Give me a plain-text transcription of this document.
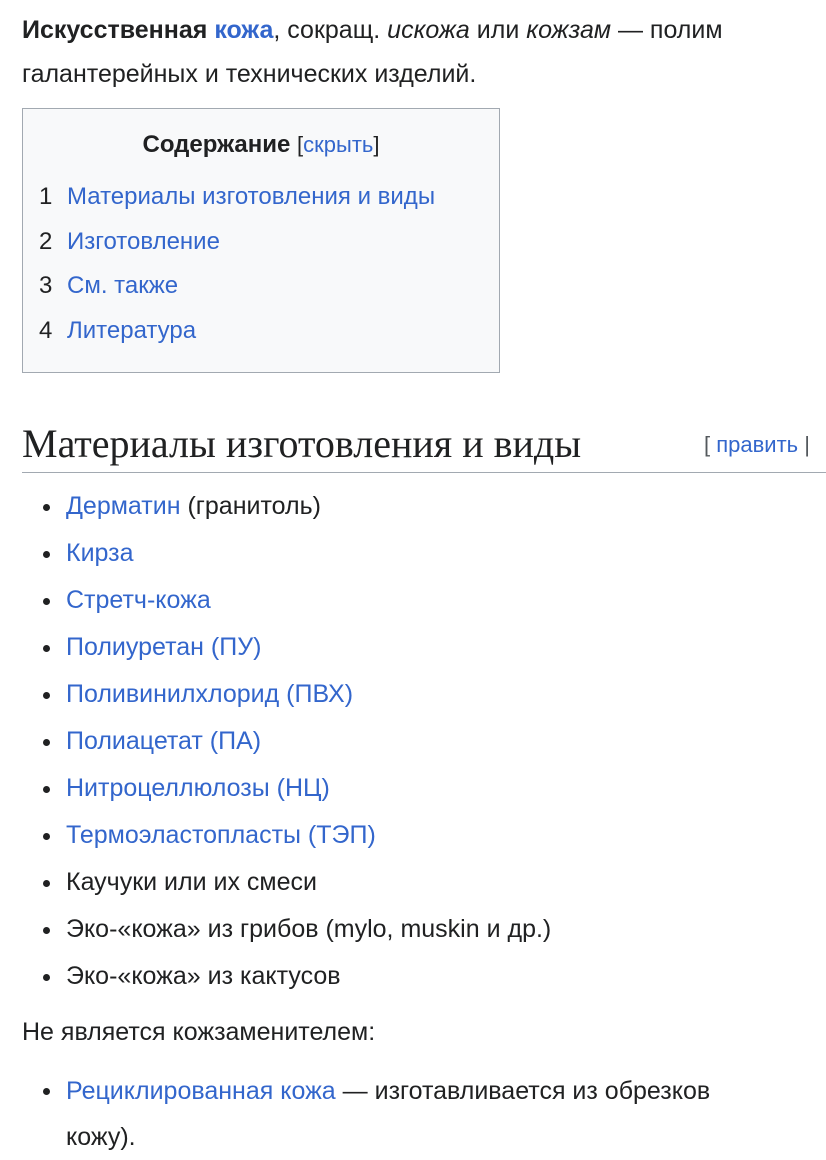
Искусственная кожа, сокращ. искожа или кожзам — полим
галантерейных и технических изделий.
Содержание [скрыть]
1 Материалы изготовления и виды
2 Изготовление
3 См. также
4 Литература
Материалы изготовления и виды	[ править |
Дерматин (гранитоль)
Кирза
Стретч-кожа
Полиуретан (ПУ)
Поливинилхлорид (ПВХ)
Полиацетат (ПА)
Нитроцеллюлозы (НЦ)
Термоэластопласты (ТЭП)
Каучуки или их смеси
Эко-«кожа» из грибов (mylo, muskin и др.)
Эко-«кожа» из кактусов
Не является кожзаменителем:
Рециклированная кожа — изготавливается из обрезков
кожу).
